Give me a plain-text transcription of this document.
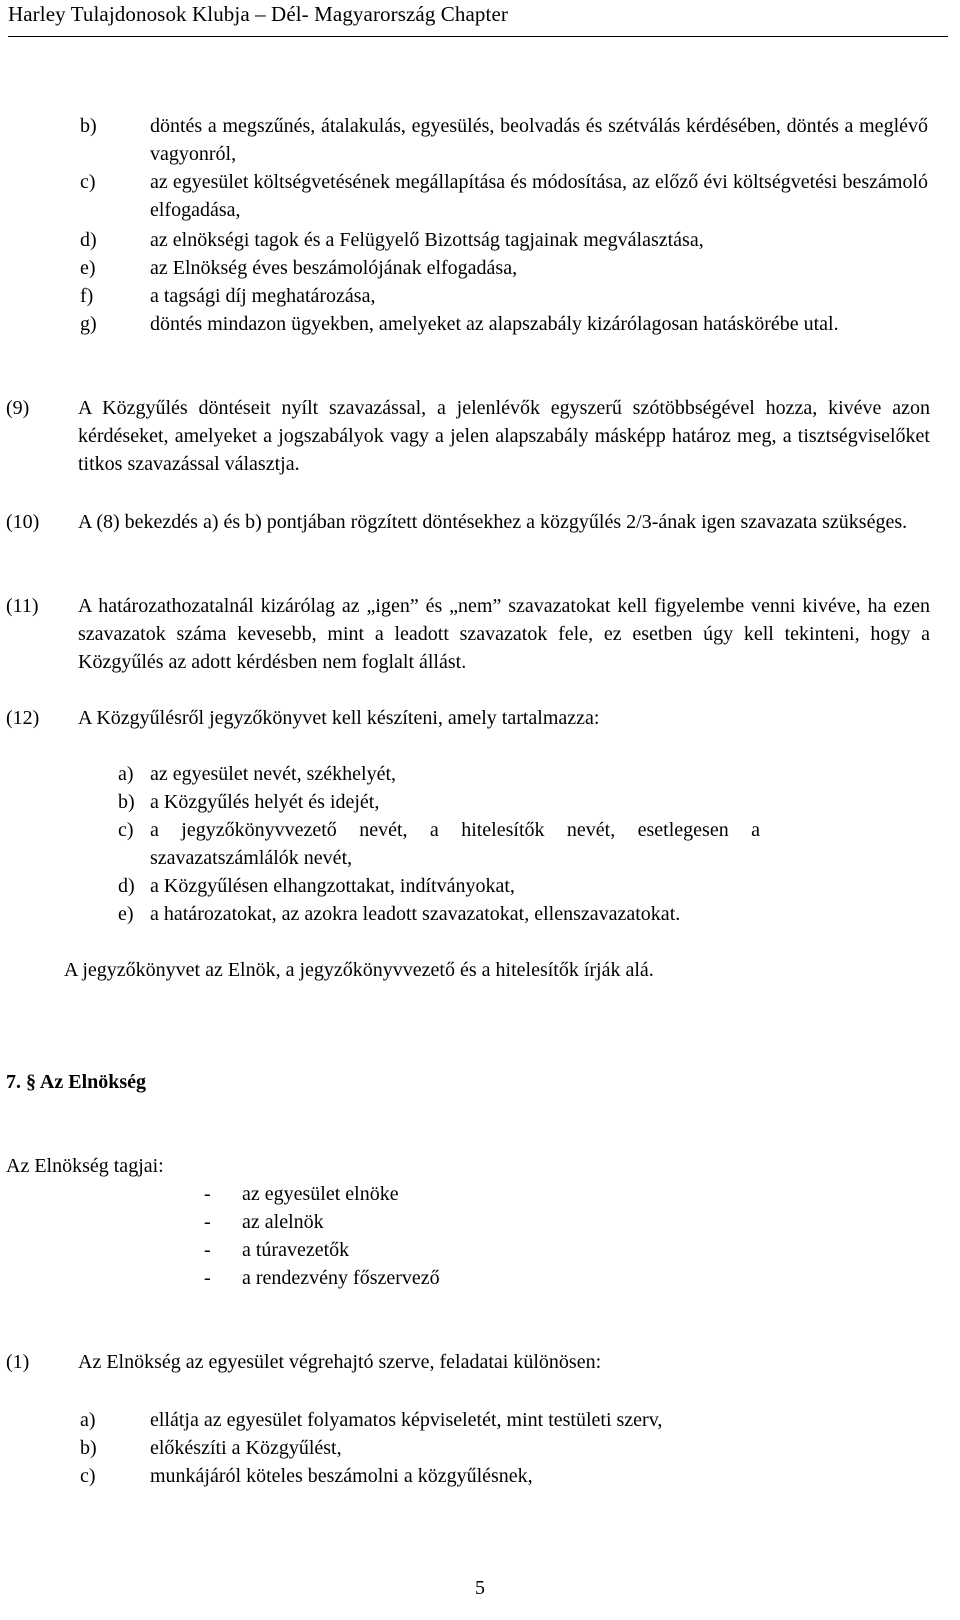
Harley Tulajdonosok Klubja – Dél- Magyarország Chapter
b)	döntés a megszűnés, átalakulás, egyesülés, beolvadás és szétválás kérdésében, döntés a meglévő vagyonról,
c)	az egyesület költségvetésének megállapítása és módosítása, az előző évi költségvetési beszámoló elfogadása,
d)	az elnökségi tagok és a Felügyelő Bizottság tagjainak megválasztása,
e)	az Elnökség éves beszámolójának elfogadása,
f)	a tagsági díj meghatározása,
g)	döntés mindazon ügyekben, amelyeket az alapszabály kizárólagosan hatáskörébe utal.
(9) A Közgyűlés döntéseit nyílt szavazással, a jelenlévők egyszerű szótöbbségével hozza, kivéve azon kérdéseket, amelyeket a jogszabályok vagy a jelen alapszabály másképp határoz meg, a tisztségviselőket titkos szavazással választja.
(10) A (8) bekezdés a) és b) pontjában rögzített döntésekhez a közgyűlés 2/3-ának igen szavazata szükséges.
(11) A határozathozatalnál kizárólag az „igen” és „nem” szavazatokat kell figyelembe venni kivéve, ha ezen szavazatok száma kevesebb, mint a leadott szavazatok fele, ez esetben úgy kell tekinteni, hogy a Közgyűlés az adott kérdésben nem foglalt állást.
(12) A Közgyűlésről jegyzőkönyvet kell készíteni, amely tartalmazza:
a) az egyesület nevét, székhelyét,
b) a Közgyűlés helyét és idejét,
c) a jegyzőkönyvvezető nevét, a hitelesítők nevét, esetlegesen a szavazatszámlálók nevét,
d) a Közgyűlésen elhangzottakat, indítványokat,
e) a határozatokat, az azokra leadott szavazatokat, ellenszavazatokat.
A jegyzőkönyvet az Elnök, a jegyzőkönyvvezető és a hitelesítők írják alá.
7. § Az Elnökség
Az Elnökség tagjai:
- az egyesület elnöke
- az alelnök
- a túravezetők
- a rendezvény főszervező
(1) Az Elnökség az egyesület végrehajtó szerve, feladatai különösen:
a)	ellátja az egyesület folyamatos képviseletét, mint testületi szerv,
b)	előkészíti a Közgyűlést,
c)	munkájáról köteles beszámolni a közgyűlésnek,
5
